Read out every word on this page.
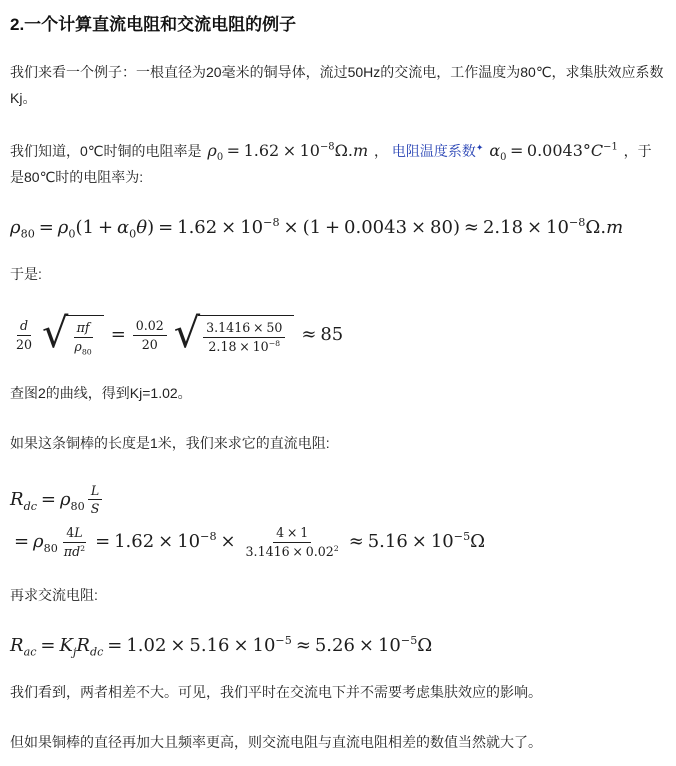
2.一个计算直流电阻和交流电阻的例子

我们来看一个例子：一根直径为20毫米的铜导体，流过50Hz的交流电，工作温度为80℃，求集肤效应系数Kj。

我们知道，0℃时铜的电阻率是 $\rho_0 = 1.62 \times 10^{-8}\Omega.m$ ， 电阻温度系数✦ $\alpha_0 = 0.0043^\circ C^{-1}$ ，于是80℃时的电阻率为:

$\rho_{80} = \rho_0(1 + \alpha_0\theta) = 1.62 \times 10^{-8} \times (1 + 0.0043 \times 80) \approx 2.18 \times 10^{-8}\Omega.m$

于是:

$\frac{d}{20}$ √ $\frac{\pi f}{\rho_{80}} = \frac{0.02}{20}$ √ $\frac{3.1416 \times 50}{2.18 \times 10^{-8}} \approx 85$

查图2的曲线，得到Kj=1.02。

如果这条铜棒的长度是1米，我们来求它的直流电阻:

$R_{dc} = \rho_{80} \frac{L}{S}$
= $\rho_{80} \frac{4L}{\pi d^2} = 1.62 \times 10^{-8} \times \frac{4 \times 1}{3.1416 \times 0.02^2} \approx 5.16 \times 10^{-5}\Omega$

再求交流电阻:

$R_{ac} = K_jR_{dc} = 1.02 \times 5.16 \times 10^{-5} \approx 5.26 \times 10^{-5}\Omega$

我们看到，两者相差不大。可见，我们平时在交流电下并不需要考虑集肤效应的影响。

但如果铜棒的直径再加大且频率更高，则交流电阻与直流电阻相差的数值当然就大了。
